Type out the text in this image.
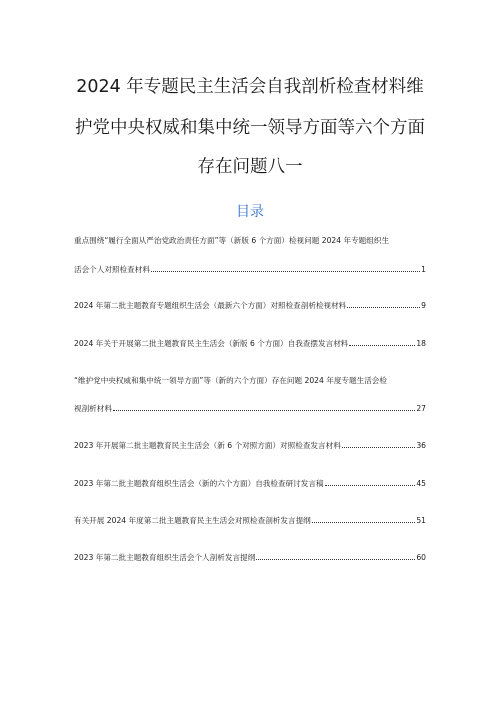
2024 年专题民主生活会自我剖析检查材料维
护党中央权威和集中统一领导方面等六个方面
存在问题八一
目录
重点围绕“履行全面从严治党政治责任方面”等（新版 6 个方面）检视问题 2024 年专题组织生
活会个人对照检查材料	1
2024 年第二批主题教育专题组织生活会（最新六个方面）对照检查剖析检视材料	9
2024 年关于开展第二批主题教育民主生活会（新版 6 个方面）自我查摆发言材料	18
“维护党中央权威和集中统一领导方面”等（新的六个方面）存在问题 2024 年度专题生活会检
视剖析材料	27
2023 年开展第二批主题教育民主生活会（新 6 个对照方面）对照检查发言材料	36
2023 年第二批主题教育组织生活会（新的六个方面）自我检查研讨发言稿	45
有关开展 2024 年度第二批主题教育民主生活会对照检查剖析发言提纲	51
2023 年第二批主题教育组织生活会个人剖析发言提纲	60
